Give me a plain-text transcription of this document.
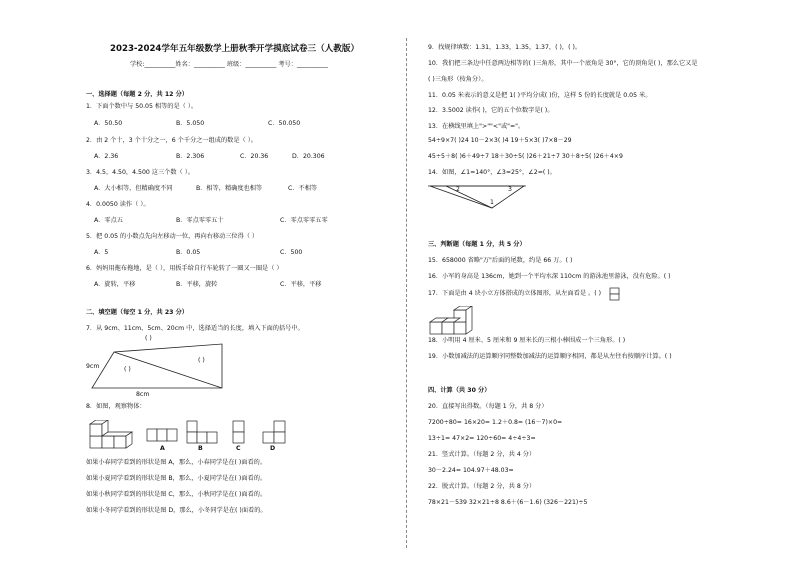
2023-2024学年五年级数学上册秋季开学摸底试卷三（人教版）
学校:__________姓名：__________ 班级：__________ 考号：__________
一、选择题（每题 2 分，共 12 分）
1．下面个数中与 50.05 相等的是（ ）。
A．50.50	B．5.050	C．50.050
2．由 2 个十，3 个十分之一，6 个千分之一组成的数是（ ）。
A．2.36	B．2.306	C．20.36	D．20.306
3．4.5，4.50，4.500 这三个数（ ）。
A．大小相等，但精确度不同	B．相等，精确度也相等	C．不相等
4．0.0050 读作（ ）。
A．零点五	B．零点零零五十	C．零点零零五零
5．把 0.05 的小数点先向左移动一位，再向右移动三位得（ ）
A．5	B．0.05	C．500
6．妈妈用拖布拖地，是（ ），用扳手给自行车轮转了一圈又一圈是（ ）
A．旋转，平移	B．平移，旋转	C．平移，平移
二、填空题（每空 1 分，共 23 分）
7．从 9cm、11cm、5cm、20cm 中，选择适当的长度，填入下面的括号中。
( )
( )
( )
9cm
8cm
8．如图，观察物体：
A	B	C	D
如果小春同学看到的形状是图 A，那么，小春同学是在( )面看的。
如果小夏同学看到的形状是图 B，那么，小夏同学是在( )面看的。
如果小秋同学看到的形状是图 C，那么，小秋同学是在( )面看的。
如果小冬同学看到的形状是图 D，那么，小冬同学是在( )面看的。
9．找规律填数：1.31，1.33，1.35，1.37，( )，( )。
10．我们把三条边中任意两边相等的( )三角形，其中一个底角是 30°，它的顶角是( )，那么它又是
( )三角形（按角分）。
11．0.05 米表示的意义是把 1( )平均分成( )份，这样 5 份的长度就是 0.05 米。
12．3.5002 读作( )，它的五个位数字是( )。
13．在横线里填上">""<"或"="。
54÷9×7( )24 10－2×3( )4 19＋5×3( )7×8－29
45÷5＋8( )6＋49÷7 18＋30÷5( )26＋21÷7 30＋8÷5( )26＋4×9
14．如图，∠1=140°，∠3=25°，∠2=( )。
2	3
1
三、判断题（每题 1 分，共 5 分）
15．658000 省略"万"后面的尾数，约是 66 万。( )
16．小军的身高是 136cm，她到一个平均水深 110cm 的游泳池里游泳，没有危险。( )
17．下面是由 4 块小立方体搭成的立体图形，从左面看是 。( )
18．小明用 4 厘米、5 厘米和 9 厘米长的三根小棒围成一个三角形。( )
19．小数加减法的运算顺序同整数加减法的运算顺序相同，都是从左往右按顺序计算。( )
四、计算（共 30 分）
20．直接写出得数。（每题 1 分，共 8 分）
7200÷80= 16×20= 1.2＋0.8= (16－7)×0=
13÷1= 47×2= 120÷60= 4÷4÷3=
21．竖式计算。（每题 2 分，共 4 分）
30－2.24= 104.97＋48.03=
22．脱式计算。（每题 2 分，共 8 分）
78×21－539 32×21÷8 8.6＋(6－1.6) (326－221)÷5
